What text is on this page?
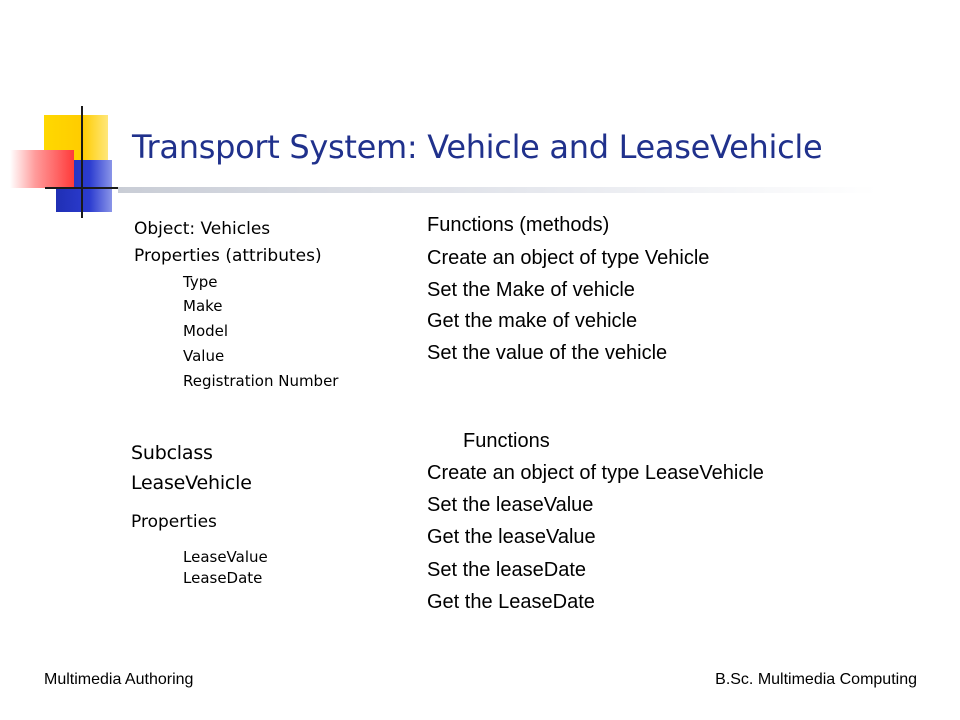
Transport System: Vehicle and LeaseVehicle
Object: Vehicles
Properties (attributes)
Type
Make
Model
Value
Registration Number
Functions (methods)
Create an object of type Vehicle
Set the Make of vehicle
Get the make of vehicle
Set the value of the vehicle
Subclass
LeaseVehicle
Properties
LeaseValue
LeaseDate
Functions
Create an object of type LeaseVehicle
Set the leaseValue
Get the leaseValue
Set the leaseDate
Get the LeaseDate
Multimedia Authoring	B.Sc. Multimedia Computing
